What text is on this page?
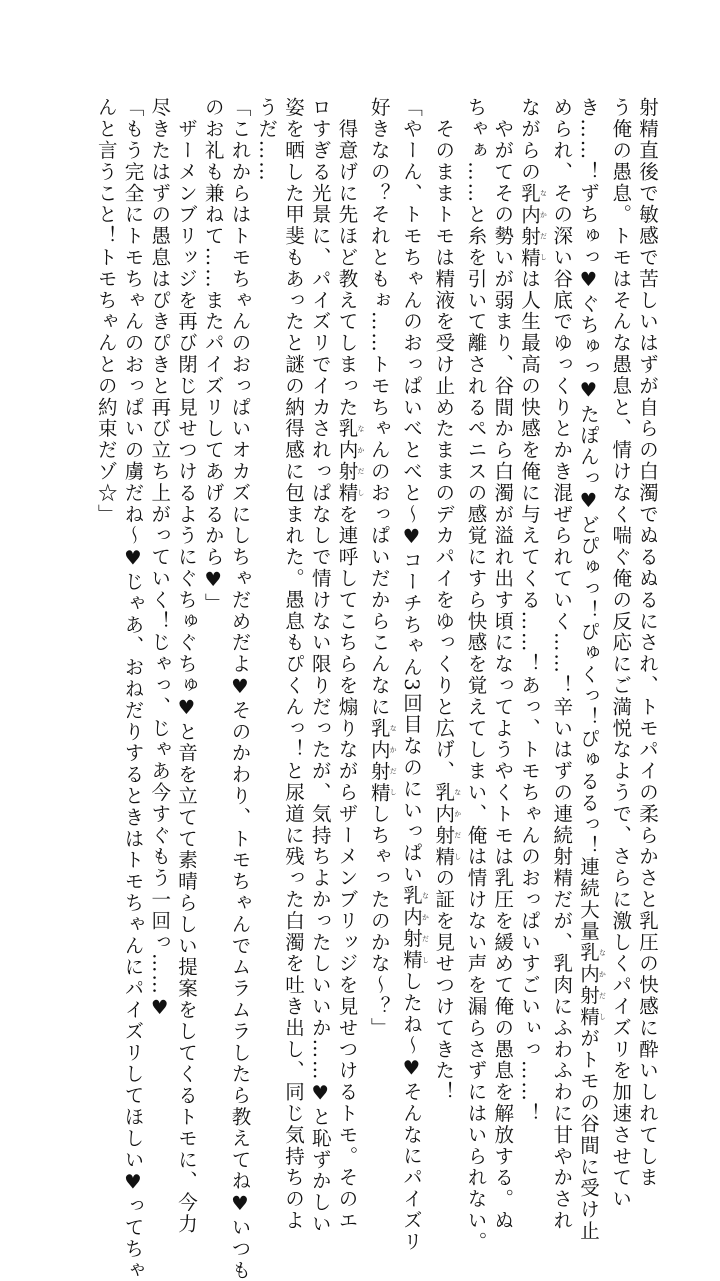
射精直後で敏感で苦しいはずが自らの白濁でぬるぬるにされ、トモパイの柔らかさと乳圧の快感に酔いしれてしま
う俺の愚息。トモはそんな愚息と、情けなく喘ぐ俺の反応にご満悦なようで、さらに激しくパイズリを加速させてい
き……！ずちゅっ♥ぐちゅっ♥たぽんっ♥どぴゅっ！ぴゅくっ！ぴゅるるっ！連続大量乳内射精なかだしがトモの谷間に受け止
められ、その深い谷底でゆっくりとかき混ぜられていく……！辛いはずの連続射精だが、乳肉にふわふわに甘やかされ
ながらの乳内射精なかだしは人生最高の快感を俺に与えてくる……！あっ、トモちゃんのおっぱいすごいぃっ……！
　やがてその勢いが弱まり、谷間から白濁が溢れ出す頃になってようやくトモは乳圧を緩めて俺の愚息を解放する。ぬ
ちゃぁ……と糸を引いて離されるペニスの感覚にすら快感を覚えてしまい、俺は情けない声を漏らさずにはいられない。
　そのままトモは精液を受け止めたままのデカパイをゆっくりと広げ、乳内射精なかだしの証を見せつけてきた！
「やーん、トモちゃんのおっぱいべとべと～♥コーチちゃん3回目なのにいっぱい乳内射精なかだししたね～♥そんなにパイズリ
好きなの？それともぉ……トモちゃんのおっぱいだからこんなに乳内射精なかだししちゃったのかな～？」
　得意げに先ほど教えてしまった乳内射精なかだしを連呼してこちらを煽りながらザーメンブリッジを見せつけるトモ。そのエ
ロすぎる光景に、パイズリでイカされっぱなしで情けない限りだったが、気持ちよかったしいいか……♥と恥ずかしい
姿を晒した甲斐もあったと謎の納得感に包まれた。愚息もぴくんっ！と尿道に残った白濁を吐き出し、同じ気持ちのよ
うだ……
「これからはトモちゃんのおっぱいオカズにしちゃだめだよ♥そのかわり、トモちゃんでムラムラしたら教えてね♥いつも
のお礼も兼ねて……またパイズリしてあげるから♥」
　ザーメンブリッジを再び閉じ見せつけるようにぐちゅぐちゅ♥と音を立てて素晴らしい提案をしてくるトモに、今力
尽きたはずの愚息はぴきぴきと再び立ち上がっていく！じゃっ、じゃあ今すぐもう一回っ……♥
「もう完全にトモちゃんのおっぱいの虜だね～♥じゃあ、おねだりするときはトモちゃんにパイズリしてほしい♥ってちゃ
んと言うこと！トモちゃんとの約束だゾ☆」
